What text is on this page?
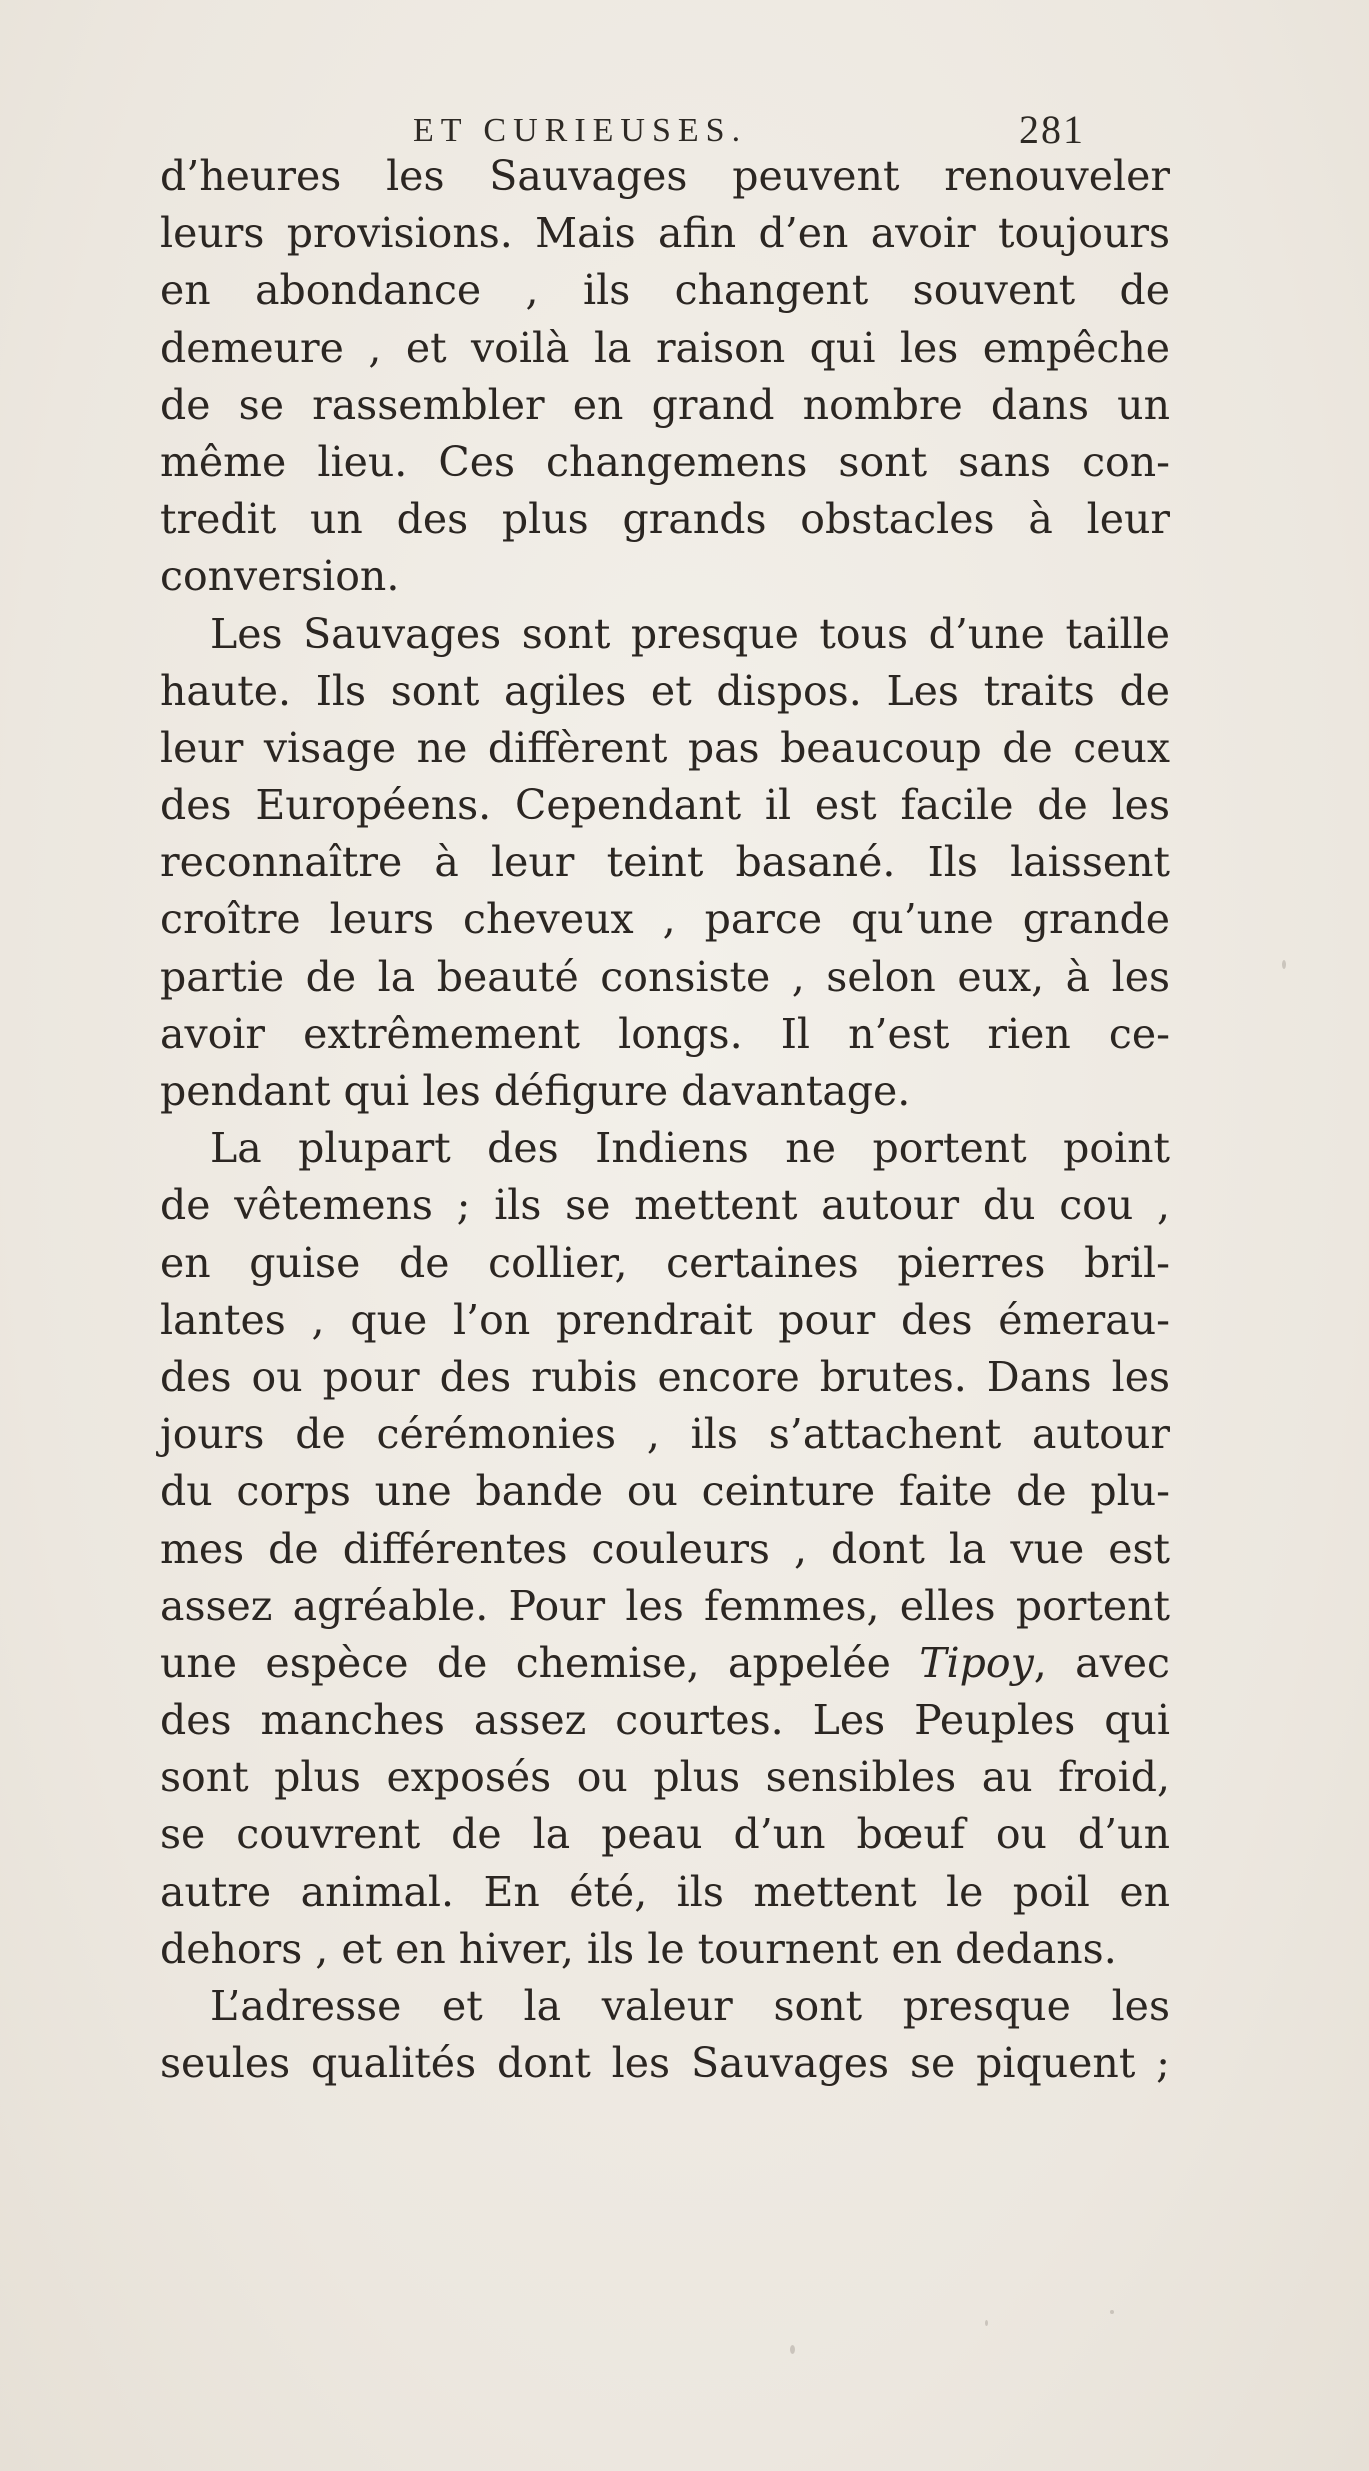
ET CURIEUSES.	281
d’heures les Sauvages peuvent renouveler
leurs provisions. Mais afin d’en avoir toujours
en abondance , ils changent souvent de
demeure , et voilà la raison qui les empêche
de se rassembler en grand nombre dans un
même lieu. Ces changemens sont sans con-
tredit un des plus grands obstacles à leur
conversion.
Les Sauvages sont presque tous d’une taille
haute. Ils sont agiles et dispos. Les traits de
leur visage ne diffèrent pas beaucoup de ceux
des Européens. Cependant il est facile de les
reconnaître à leur teint basané. Ils laissent
croître leurs cheveux , parce qu’une grande
partie de la beauté consiste , selon eux, à les
avoir extrêmement longs. Il n’est rien ce-
pendant qui les défigure davantage.
La plupart des Indiens ne portent point
de vêtemens ; ils se mettent autour du cou ,
en guise de collier, certaines pierres bril-
lantes , que l’on prendrait pour des émerau-
des ou pour des rubis encore brutes. Dans les
jours de cérémonies , ils s’attachent autour
du corps une bande ou ceinture faite de plu-
mes de différentes couleurs , dont la vue est
assez agréable. Pour les femmes, elles portent
une espèce de chemise, appelée Tipoy, avec
des manches assez courtes. Les Peuples qui
sont plus exposés ou plus sensibles au froid,
se couvrent de la peau d’un bœuf ou d’un
autre animal. En été, ils mettent le poil en
dehors , et en hiver, ils le tournent en dedans.
L’adresse et la valeur sont presque les
seules qualités dont les Sauvages se piquent ;
